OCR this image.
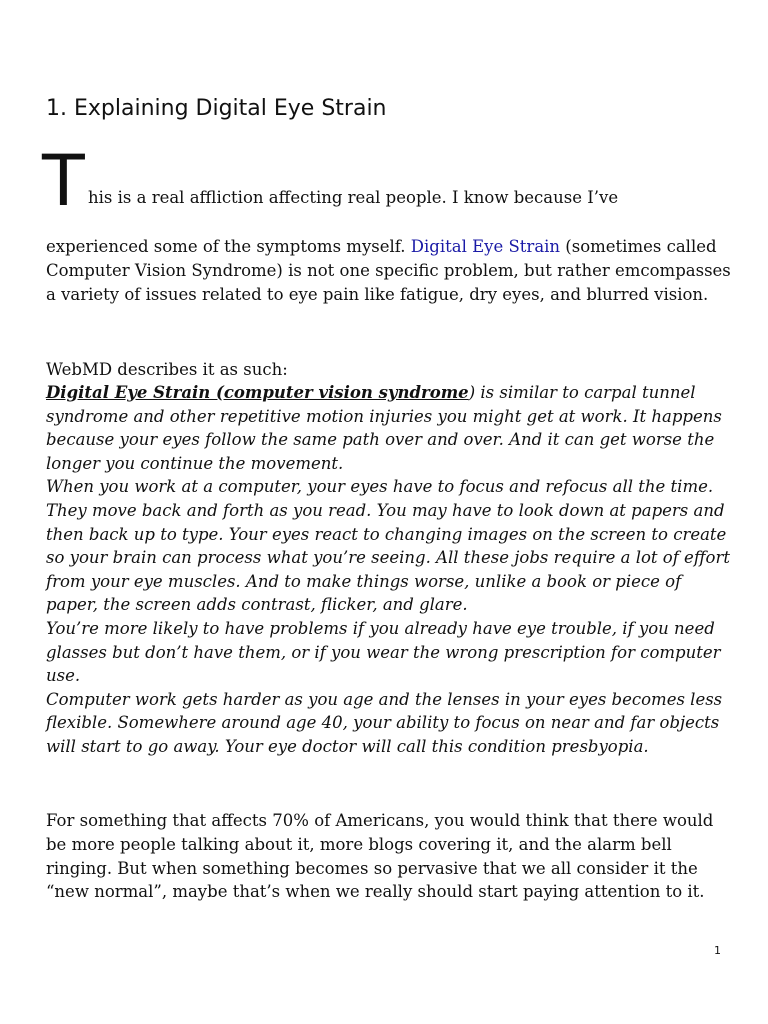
1. Explaining Digital Eye Strain
T his is a real affliction affecting real people. I know because I’ve

experienced some of the symptoms myself. Digital Eye Strain (sometimes called Computer Vision Syndrome) is not one specific problem, but rather emcompasses a variety of issues related to eye pain like fatigue, dry eyes, and blurred vision.

WebMD describes it as such:

Digital Eye Strain (computer vision syndrome) is similar to carpal tunnel syndrome and other repetitive motion injuries you might get at work. It happens because your eyes follow the same path over and over. And it can get worse the longer you continue the movement.

When you work at a computer, your eyes have to focus and refocus all the time. They move back and forth as you read. You may have to look down at papers and then back up to type. Your eyes react to changing images on the screen to create so your brain can process what you’re seeing. All these jobs require a lot of effort from your eye muscles. And to make things worse, unlike a book or piece of paper, the screen adds contrast, flicker, and glare.

You’re more likely to have problems if you already have eye trouble, if you need glasses but don’t have them, or if you wear the wrong prescription for computer use.

Computer work gets harder as you age and the lenses in your eyes becomes less flexible. Somewhere around age 40, your ability to focus on near and far objects will start to go away. Your eye doctor will call this condition presbyopia.

For something that affects 70% of Americans, you would think that there would be more people talking about it, more blogs covering it, and the alarm bell ringing. But when something becomes so pervasive that we all consider it the “new normal”, maybe that’s when we really should start paying attention to it.

1
